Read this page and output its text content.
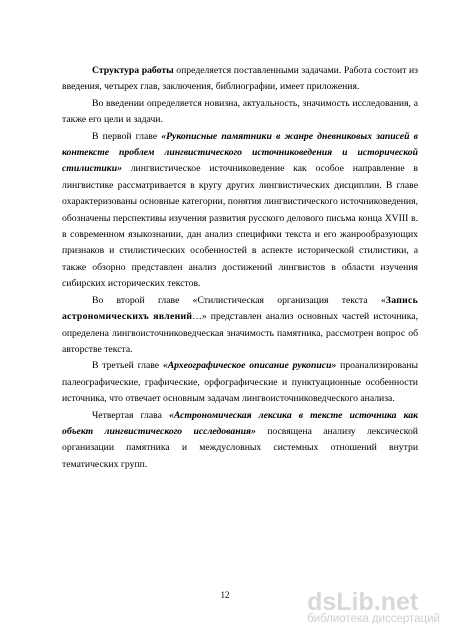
Структура работы определяется поставленными задачами. Работа состоит из введения, четырех глав, заключения, библиографии, имеет приложения.

Во введении определяется новизна, актуальность, значимость исследования, а также его цели и задачи.

В первой главе «Рукописные памятники в жанре дневниковых записей в контексте проблем лингвистического источниковедения и исторической стилистики» лингвистическое источниковедение как особое направление в лингвистике рассматривается в кругу других лингвистических дисциплин. В главе охарактеризованы основные категории, понятия лингвистического источниковедения, обозначены перспективы изучения развития русского делового письма конца XVIII в. в современном языкознании, дан анализ специфики текста и его жанрообразующих признаков и стилистических особенностей в аспекте исторической стилистики, а также обзорно представлен анализ достижений лингвистов в области изучения сибирских исторических текстов.

Во второй главе «Стилистическая организация текста «Запись астрономическихъ явлений…» представлен анализ основных частей источника, определена лингвоисточниковедческая значимость памятника, рассмотрен вопрос об авторстве текста.

В третьей главе «Археографическое описание рукописи» проанализированы палеографические, графические, орфографические и пунктуационные особенности источника, что отвечает основным задачам лингвоисточниковедческого анализа.

Четвертая глава «Астрономическая лексика в тексте источника как объект лингвистического исследования» посвящена анализу лексической организации памятника и междусловных системных отношений внутри тематических групп.

12	dsLib.net
библиотека диссертаций
